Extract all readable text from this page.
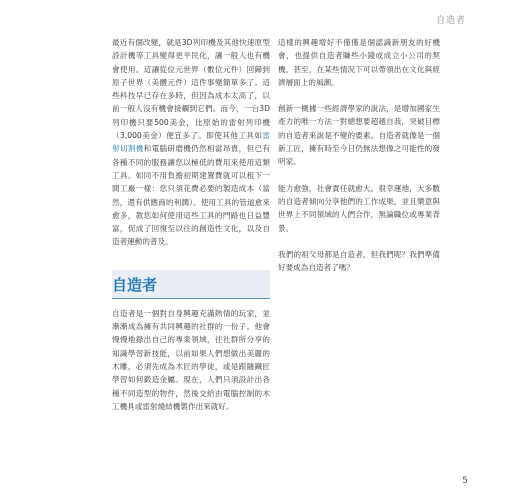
自造者

最近有個改變，就是3D列印機及其他快速原型設計機等工具變得更平民化，讓一般人也有機會使用。這讓從位元世界（數位元件）回歸到原子世界（美體元件）這件事變簡單多了。這些科技早已存在多時，但因為成本太高了，以前一般人沒有機會接觸到它們。而今，一台3D列印機只要500美金，比原始的雷射列印機（3,000美金）便宜多了。即使其他工具如雷射切割機和電腦研磨機仍然相當昂貴，但已有各種不同的服務讓您以極低的費用來使用這類工具。如同不用負擔初期建置費就可以租下一間工廠一樣：您只須花費必要的製造成本（當然，還有供應商的利潤）。使用工具的管道愈來愈多，教您如何使用這些工具的門路也日益豐富，促成了回復至以往的創造性文化，以及自造者運動的普及。

自造者

自造者是一個對自身興趣充滿熱情的玩家，並漸漸成為擁有共同興趣的社群的一份子。他會慢慢地錄出自己的專業領域，往社群所分享的知識學習新技能，以前如果人們想做出美麗的木雕，必須先成為木匠的學徒，或是跟隨鐵匠學習如何鍛造金屬。現在，人們只須設計出各種不同造型的物件，然後交給由電腦控制的木工機具或雷射燒結機製作出來就好。

這樣的興趣增好不僅僅是個認識新朋友的好機會，也提供自造者賺些小錢或成立小公司的契機，甚至，在某些情況下可以帶領出在文化與經濟層面上的風潮。

創新一概據一些經濟學家的說法，是增加國家生產力的唯一方法一對總想要超越自我，突破目標的自造者來說是不變的要素。自造者就像是一個新工匠，擁有時至今日仍無法想像之可能性的發明家。

能力愈強，社會責任就愈大。很幸運地，大多數的自造者傾向分享他們的工作成果，並且樂意與世界上不同領域的人們合作，無論職位或專業背景。

我們的祖父母都是自造者，但我們呢？我們準備好要成為自造者了嗎？

5
